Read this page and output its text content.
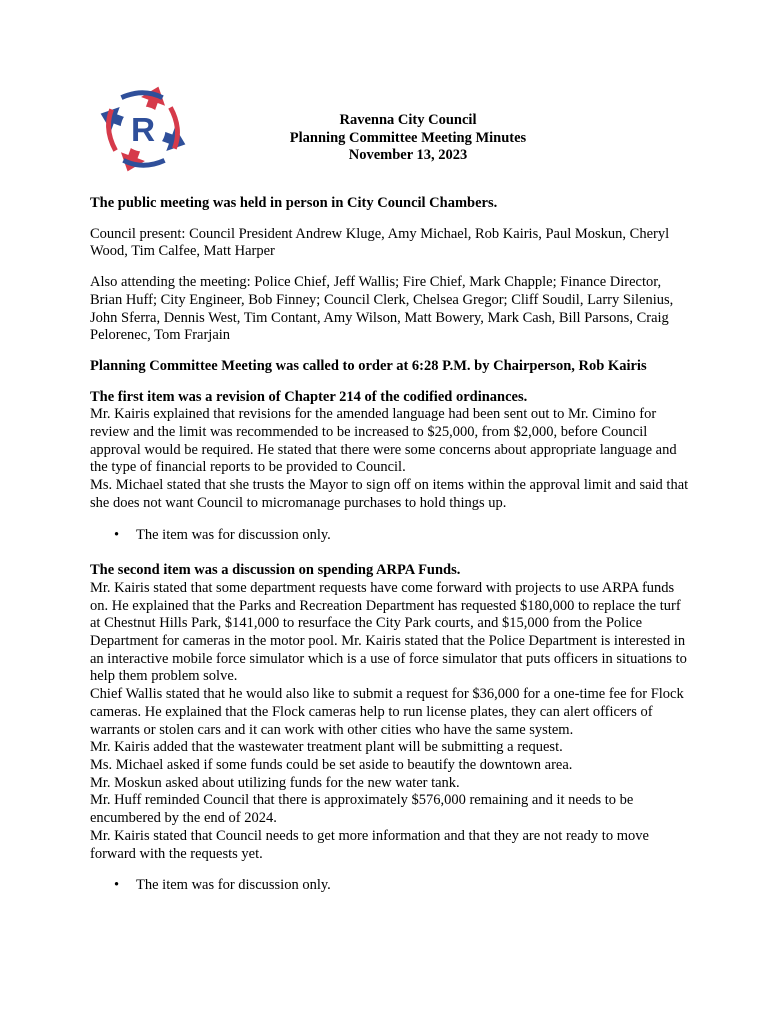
R	Ravenna City Council
Planning Committee Meeting Minutes
November 13, 2023

The public meeting was held in person in City Council Chambers.

Council present: Council President Andrew Kluge, Amy Michael, Rob Kairis, Paul Moskun, Cheryl Wood, Tim Calfee, Matt Harper

Also attending the meeting: Police Chief, Jeff Wallis; Fire Chief, Mark Chapple; Finance Director, Brian Huff; City Engineer, Bob Finney; Council Clerk, Chelsea Gregor; Cliff Soudil, Larry Silenius, John Sferra, Dennis West, Tim Contant, Amy Wilson, Matt Bowery, Mark Cash, Bill Parsons, Craig Pelorenec, Tom Frarjain

Planning Committee Meeting was called to order at 6:28 P.M. by Chairperson, Rob Kairis

The first item was a revision of Chapter 214 of the codified ordinances.
Mr. Kairis explained that revisions for the amended language had been sent out to Mr. Cimino for review and the limit was recommended to be increased to $25,000, from $2,000, before Council approval would be required. He stated that there were some concerns about appropriate language and the type of financial reports to be provided to Council.
Ms. Michael stated that she trusts the Mayor to sign off on items within the approval limit and said that she does not want Council to micromanage purchases to hold things up.
• The item was for discussion only.
The second item was a discussion on spending ARPA Funds.
Mr. Kairis stated that some department requests have come forward with projects to use ARPA funds on. He explained that the Parks and Recreation Department has requested $180,000 to replace the turf at Chestnut Hills Park, $141,000 to resurface the City Park courts, and $15,000 from the Police Department for cameras in the motor pool. Mr. Kairis stated that the Police Department is interested in an interactive mobile force simulator which is a use of force simulator that puts officers in situations to help them problem solve.
Chief Wallis stated that he would also like to submit a request for $36,000 for a one-time fee for Flock cameras. He explained that the Flock cameras help to run license plates, they can alert officers of warrants or stolen cars and it can work with other cities who have the same system.
Mr. Kairis added that the wastewater treatment plant will be submitting a request.
Ms. Michael asked if some funds could be set aside to beautify the downtown area.
Mr. Moskun asked about utilizing funds for the new water tank.
Mr. Huff reminded Council that there is approximately $576,000 remaining and it needs to be encumbered by the end of 2024.
Mr. Kairis stated that Council needs to get more information and that they are not ready to move forward with the requests yet.
• The item was for discussion only.
